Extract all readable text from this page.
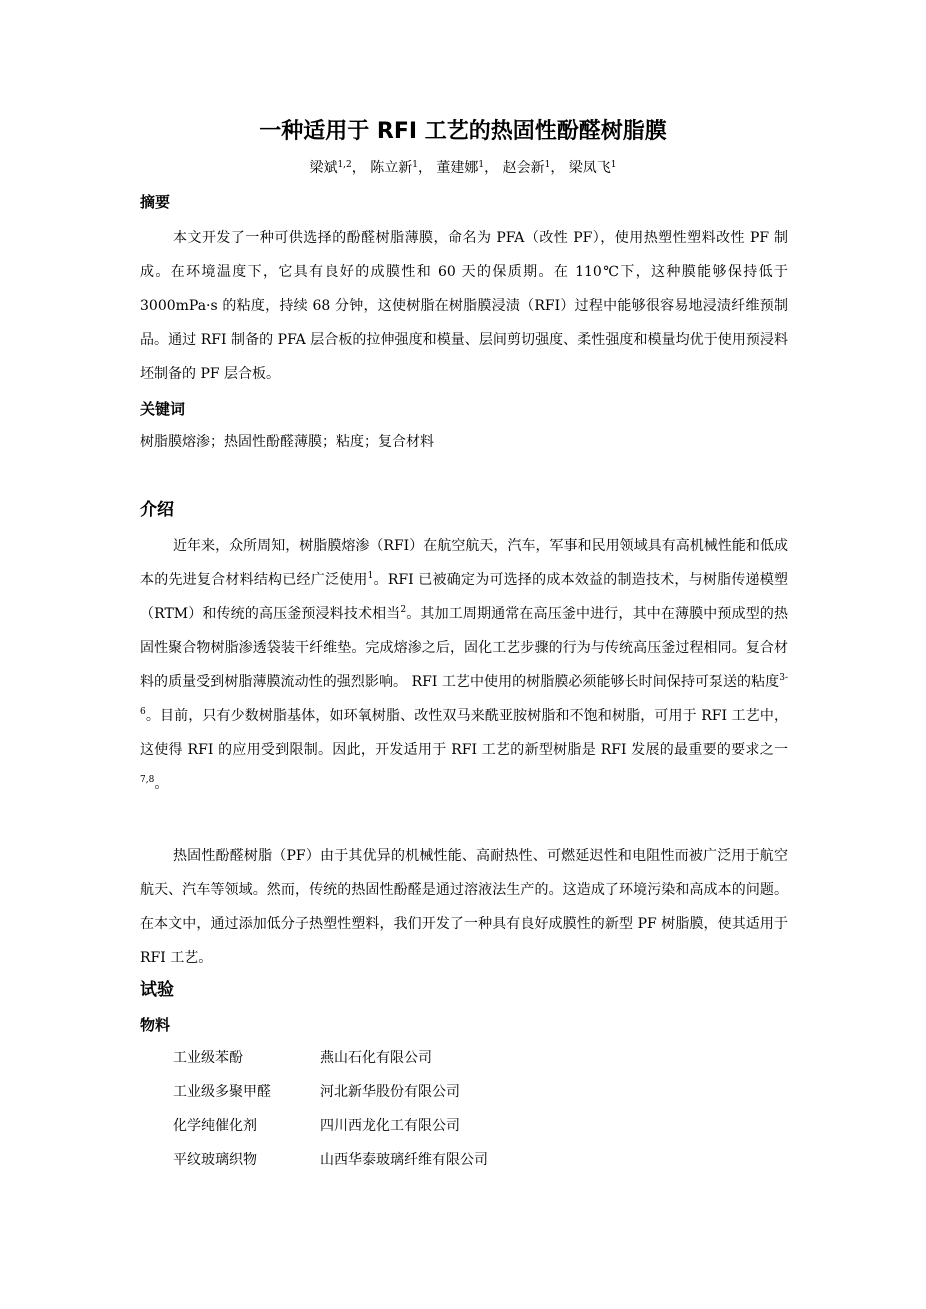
一种适用于 RFI 工艺的热固性酚醛树脂膜

梁斌$^{1,2}$， 陈立新$^1$， 董建娜$^1$， 赵会新$^1$， 梁凤飞$^1$

摘要

本文开发了一种可供选择的酚醛树脂薄膜，命名为 PFA（改性 PF），使用热塑性塑料改性 PF 制成。在环境温度下，它具有良好的成膜性和 60 天的保质期。在 110℃下，这种膜能够保持低于 3000mPa·s 的粘度，持续 68 分钟，这使树脂在树脂膜浸渍（RFI）过程中能够很容易地浸渍纤维预制品。通过 RFI 制备的 PFA 层合板的拉伸强度和模量、层间剪切强度、柔性强度和模量均优于使用预浸料坯制备的 PF 层合板。

关键词

树脂膜熔渗；热固性酚醛薄膜；粘度；复合材料

介绍

近年来，众所周知，树脂膜熔渗（RFI）在航空航天，汽车，军事和民用领域具有高机械性能和低成本的先进复合材料结构已经广泛使用$^1$。RFI 已被确定为可选择的成本效益的制造技术，与树脂传递模塑（RTM）和传统的高压釜预浸料技术相当$^2$。其加工周期通常在高压釜中进行，其中在薄膜中预成型的热固性聚合物树脂渗透袋装干纤维垫。完成熔渗之后，固化工艺步骤的行为与传统高压釜过程相同。复合材料的质量受到树脂薄膜流动性的强烈影响。 RFI 工艺中使用的树脂膜必须能够长时间保持可泵送的粘度$^{3-6}$。目前，只有少数树脂基体，如环氧树脂、改性双马来酰亚胺树脂和不饱和树脂，可用于 RFI 工艺中，这使得 RFI 的应用受到限制。因此，开发适用于 RFI 工艺的新型树脂是 RFI 发展的最重要的要求之一$^{7,8}$。

热固性酚醛树脂（PF）由于其优异的机械性能、高耐热性、可燃延迟性和电阻性而被广泛用于航空航天、汽车等领域。然而，传统的热固性酚醛是通过溶液法生产的。这造成了环境污染和高成本的问题。在本文中，通过添加低分子热塑性塑料，我们开发了一种具有良好成膜性的新型 PF 树脂膜，使其适用于 RFI 工艺。

试验
物料
工业级苯酚	燕山石化有限公司
工业级多聚甲醛	河北新华股份有限公司
化学纯催化剂	四川西龙化工有限公司
平纹玻璃织物	山西华泰玻璃纤维有限公司
